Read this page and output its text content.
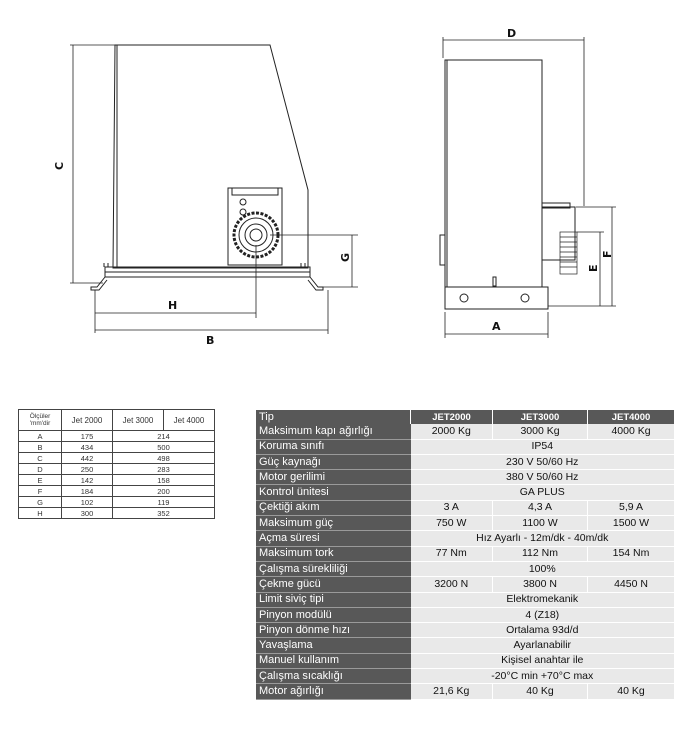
C
G
H
B
D
A
E
F
Ölçüler 'mm'dir	Jet 2000	Jet 3000	Jet 4000
A	175	214	
B	434	500	
C	442	498	
D	250	283	
E	142	158	
F	184	200	
G	102	119	
H	300	352	
Tip	JET2000	JET3000	JET4000
Maksimum kapı ağırlığı	2000 Kg	3000 Kg	4000 Kg
Koruma sınıfı	IP54		
Güç kaynağı	230 V 50/60 Hz		
Motor gerilimi	380 V 50/60 Hz		
Kontrol ünitesi	GA PLUS		
Çektiği akım	3 A	4,3 A	5,9 A
Maksimum güç	750 W	1100 W	1500 W
Açma süresi	Hız Ayarlı - 12m/dk - 40m/dk		
Maksimum tork	77 Nm	112 Nm	154 Nm
Çalışma sürekliliği	100%		
Çekme gücü	3200 N	3800 N	4450 N
Limit siviç tipi	Elektromekanik		
Pinyon modülü	4 (Z18)		
Pinyon dönme hızı	Ortalama 93d/d		
Yavaşlama	Ayarlanabilir		
Manuel kullanım	Kişisel anahtar ile		
Çalışma sıcaklığı	-20°C min +70°C max		
Motor ağırlığı	21,6 Kg	40 Kg	40 Kg
